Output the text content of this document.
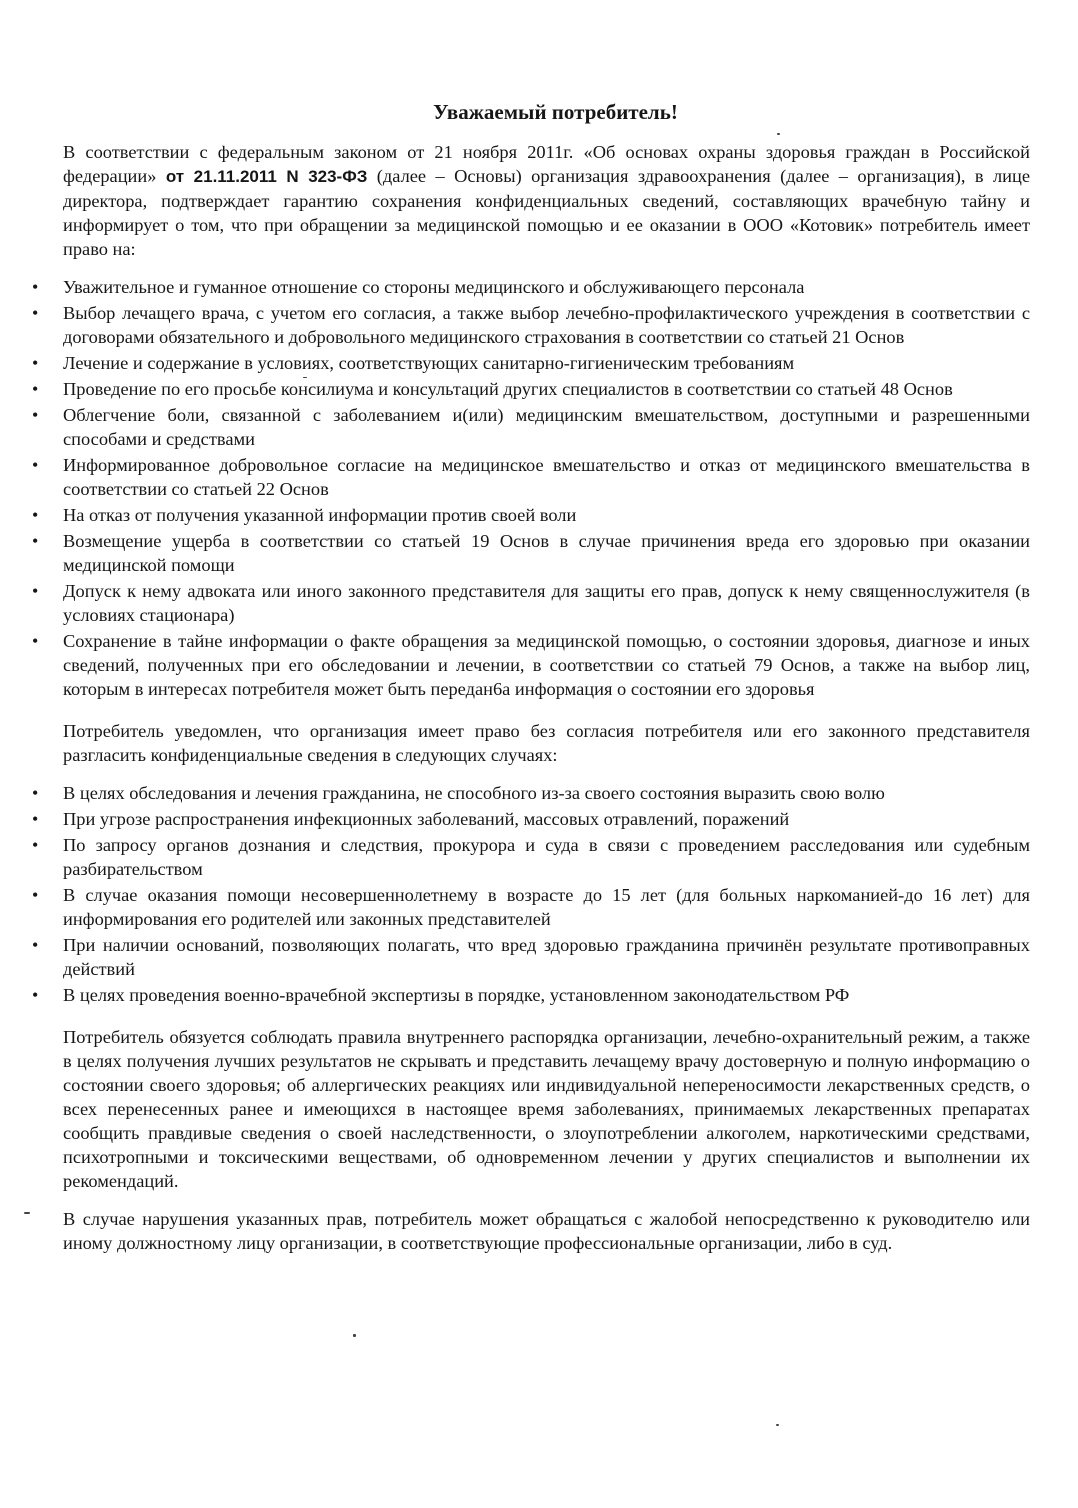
Уважаемый потребитель!

В соответствии с федеральным законом от 21 ноября 2011г. «Об основах охраны здоровья граждан в Российской федерации» от 21.11.2011 N 323-ФЗ (далее – Основы) организация здравоохранения (далее – организация), в лице директора, подтверждает гарантию сохранения конфиденциальных сведений, составляющих врачебную тайну и информирует о том, что при обращении за медицинской помощью и ее оказании в ООО «Котовик» потребитель имеет право на:

• Уважительное и гуманное отношение со стороны медицинского и обслуживающего персонала
• Выбор лечащего врача, с учетом его согласия, а также выбор лечебно-профилактического учреждения в соответствии с договорами обязательного и добровольного медицинского страхования в соответствии со статьей 21 Основ
• Лечение и содержание в условиях, соответствующих санитарно-гигиеническим требованиям
• Проведение по его просьбе консилиума и консультаций других специалистов в соответствии со статьей 48 Основ
• Облегчение боли, связанной с заболеванием и(или) медицинским вмешательством, доступными и разрешенными способами и средствами
• Информированное добровольное согласие на медицинское вмешательство и отказ от медицинского вмешательства в соответствии со статьей 22 Основ
• На отказ от получения указанной информации против своей воли
• Возмещение ущерба в соответствии со статьей 19 Основ в случае причинения вреда его здоровью при оказании медицинской помощи
• Допуск к нему адвоката или иного законного представителя для защиты его прав, допуск к нему священнослужителя (в условиях стационара)
• Сохранение в тайне информации о факте обращения за медицинской помощью, о состоянии здоровья, диагнозе и иных сведений, полученных при его обследовании и лечении, в соответствии со статьей 79 Основ, а также на выбор лиц, которым в интересах потребителя может быть передан6а информация о состоянии его здоровья

Потребитель уведомлен, что организация имеет право без согласия потребителя или его законного представителя разгласить конфиденциальные сведения в следующих случаях:

• В целях обследования и лечения гражданина, не способного из-за своего состояния выразить свою волю
• При угрозе распространения инфекционных заболеваний, массовых отравлений, поражений
• По запросу органов дознания и следствия, прокурора и суда в связи с проведением расследования или судебным разбирательством
• В случае оказания помощи несовершеннолетнему в возрасте до 15 лет (для больных наркоманией-до 16 лет) для информирования его родителей или законных представителей
• При наличии оснований, позволяющих полагать, что вред здоровью гражданина причинён результате противоправных действий
• В целях проведения военно-врачебной экспертизы в порядке, установленном законодательством РФ

Потребитель обязуется соблюдать правила внутреннего распорядка организации, лечебно-охранительный режим, а также в целях получения лучших результатов не скрывать и представить лечащему врачу достоверную и полную информацию о состоянии своего здоровья; об аллергических реакциях или индивидуальной непереносимости лекарственных средств, о всех перенесенных ранее и имеющихся в настоящее время заболеваниях, принимаемых лекарственных препаратах сообщить правдивые сведения о своей наследственности, о злоупотреблении алкоголем, наркотическими средствами, психотропными и токсическими веществами, об одновременном лечении у других специалистов и выполнении их рекомендаций.

В случае нарушения указанных прав, потребитель может обращаться с жалобой непосредственно к руководителю или иному должностному лицу организации, в соответствующие профессиональные организации, либо в суд.
